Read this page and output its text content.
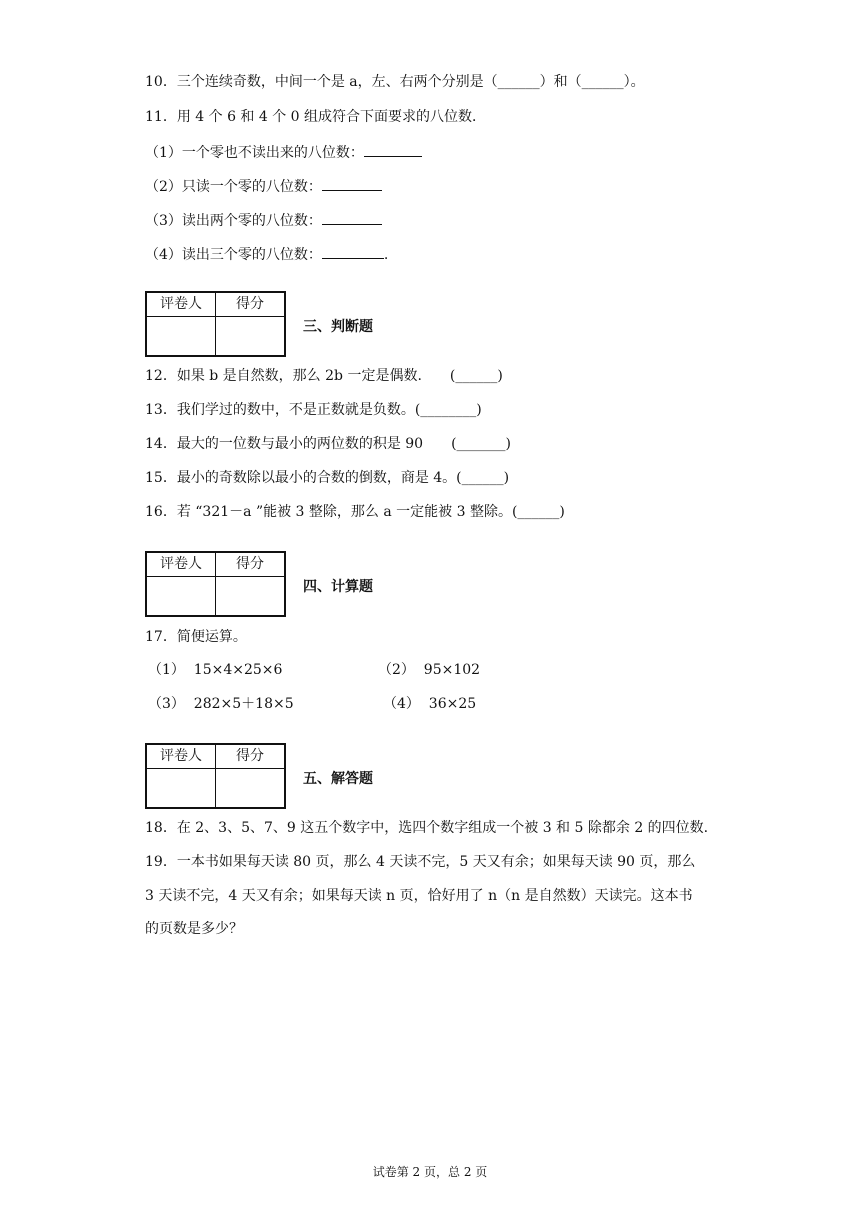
10．三个连续奇数，中间一个是 a，左、右两个分别是（______）和（______）。
11．用 4 个 6 和 4 个 0 组成符合下面要求的八位数．
（1）一个零也不读出来的八位数：
（2）只读一个零的八位数：
（3）读出两个零的八位数：
（4）读出三个零的八位数：	.
评卷人	得分
三、判断题
12．如果 b 是自然数，那么 2b 一定是偶数.　　(______)
13．我们学过的数中，不是正数就是负数。(________)
14．最大的一位数与最小的两位数的积是 90　　(_______)
15．最小的奇数除以最小的合数的倒数，商是 4。(______)
16．若 “321－a ”能被 3 整除，那么 a 一定能被 3 整除。(______)
评卷人	得分
四、计算题
17．简便运算。
（1）  15×4×25×6	（2）  95×102
（3）  282×5＋18×5	（4）  36×25
评卷人	得分
五、解答题
18．在 2、3、5、7、9 这五个数字中，选四个数字组成一个被 3 和 5 除都余 2 的四位数.
19．一本书如果每天读 80 页，那么 4 天读不完，5 天又有余；如果每天读 90 页，那么
3 天读不完，4 天又有余；如果每天读 n 页，恰好用了 n（n 是自然数）天读完。这本书
的页数是多少？
试卷第 2 页，总 2 页
